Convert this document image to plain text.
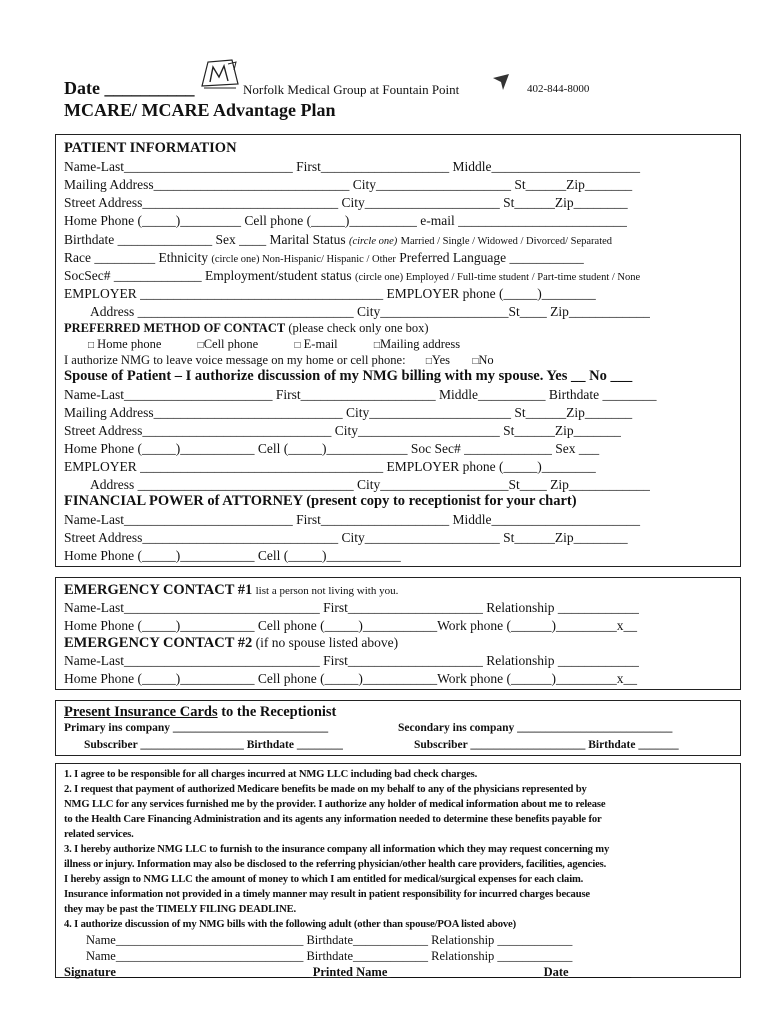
Date __________	Norfolk Medical Group at Fountain Point	402-844-8000
MCARE/ MCARE Advantage Plan
PATIENT INFORMATION
Name-Last_________________________ First___________________ Middle______________________
Mailing Address_____________________________ City____________________ St______Zip_______
Street Address_____________________________ City____________________ St______Zip________
Home Phone (_____)_________ Cell phone (_____)__________ e-mail _________________________
Birthdate ______________ Sex ____ Marital Status (circle one) Married / Single / Widowed / Divorced/ Separated
Race _________ Ethnicity (circle one) Non-Hispanic/ Hispanic / Other Preferred Language ___________
SocSec# _____________ Employment/student status (circle one) Employed / Full-time student / Part-time student / None
EMPLOYER ____________________________________ EMPLOYER phone (_____)________
Address ________________________________ City___________________St____ Zip____________
PREFERRED METHOD OF CONTACT (please check only one box)
□ Home phone	□Cell phone	□ E-mail	□Mailing address
I authorize NMG to leave voice message on my home or cell phone: □Yes □No
Spouse of Patient – I authorize discussion of my NMG billing with my spouse. Yes __ No ___
Name-Last______________________ First____________________ Middle__________ Birthdate ________
Mailing Address____________________________ City_____________________ St______Zip_______
Street Address____________________________ City_____________________ St______Zip_______
Home Phone (_____)___________ Cell (_____)____________ Soc Sec# _____________ Sex ___
EMPLOYER ____________________________________ EMPLOYER phone (_____)________
Address ________________________________ City___________________St____ Zip____________
FINANCIAL POWER of ATTORNEY (present copy to receptionist for your chart)
Name-Last_________________________ First___________________ Middle______________________
Street Address_____________________________ City____________________ St______Zip________
Home Phone (_____)___________ Cell (_____)___________
EMERGENCY CONTACT #1 list a person not living with you.
Name-Last_____________________________ First____________________ Relationship ____________
Home Phone (_____)___________ Cell phone (_____)___________Work phone (______)_________x__
EMERGENCY CONTACT #2 (if no spouse listed above)
Name-Last_____________________________ First____________________ Relationship ____________
Home Phone (_____)___________ Cell phone (_____)___________Work phone (______)_________x__
Present Insurance Cards to the Receptionist
Primary ins company ___________________________	Secondary ins company ___________________________
Subscriber __________________ Birthdate ________	Subscriber ____________________ Birthdate _______
1. I agree to be responsible for all charges incurred at NMG LLC including bad check charges.
2. I request that payment of authorized Medicare benefits be made on my behalf to any of the physicians represented by
NMG LLC for any services furnished me by the provider. I authorize any holder of medical information about me to release
to the Health Care Financing Administration and its agents any information needed to determine these benefits payable for
related services.
3. I hereby authorize NMG LLC to furnish to the insurance company all information which they may request concerning my
illness or injury. Information may also be disclosed to the referring physician/other health care providers, facilities, agencies.
I hereby assign to NMG LLC the amount of money to which I am entitled for medical/surgical expenses for each claim.
Insurance information not provided in a timely manner may result in patient responsibility for incurred charges because
they may be past the TIMELY FILING DEADLINE.
4. I authorize discussion of my NMG bills with the following adult (other than spouse/POA listed above)
Name______________________________ Birthdate____________ Relationship ____________
Name______________________________ Birthdate____________ Relationship ____________
Signature_______________________________ Printed Name ________________________ Date__________
